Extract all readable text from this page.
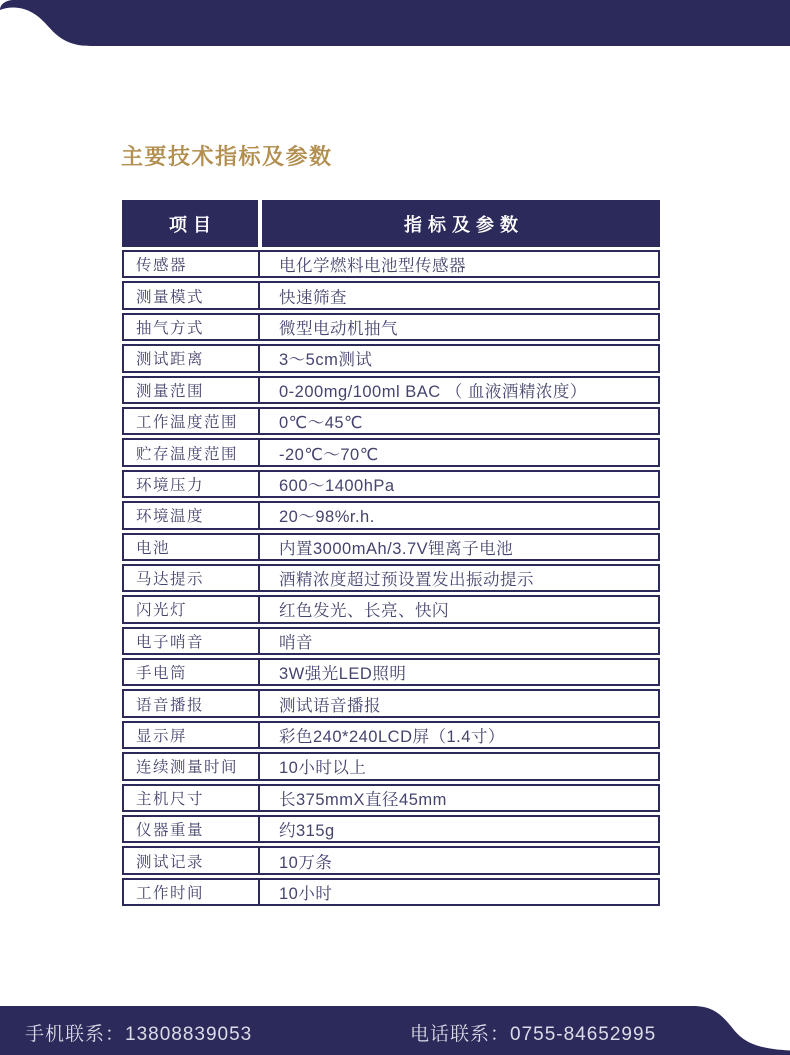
主要技术指标及参数
项目	指标及参数
传感器	电化学燃料电池型传感器
测量模式	快速筛查
抽气方式	微型电动机抽气
测试距离	3～5cm测试
测量范围	0-200mg/100ml BAC （ 血液酒精浓度）
工作温度范围	0℃～45℃
贮存温度范围	-20℃～70℃
环境压力	600～1400hPa
环境温度	20～98%r.h.
电池	内置3000mAh/3.7V锂离子电池
马达提示	酒精浓度超过预设置发出振动提示
闪光灯	红色发光、长亮、快闪
电子哨音	哨音
手电筒	3W强光LED照明
语音播报	测试语音播报
显示屏	彩色240*240LCD屏（1.4寸）
连续测量时间	10小时以上
主机尺寸	长375mmX直径45mm
仪器重量	约315g
测试记录	10万条
工作时间	10小时
手机联系：13808839053	电话联系：0755-84652995
